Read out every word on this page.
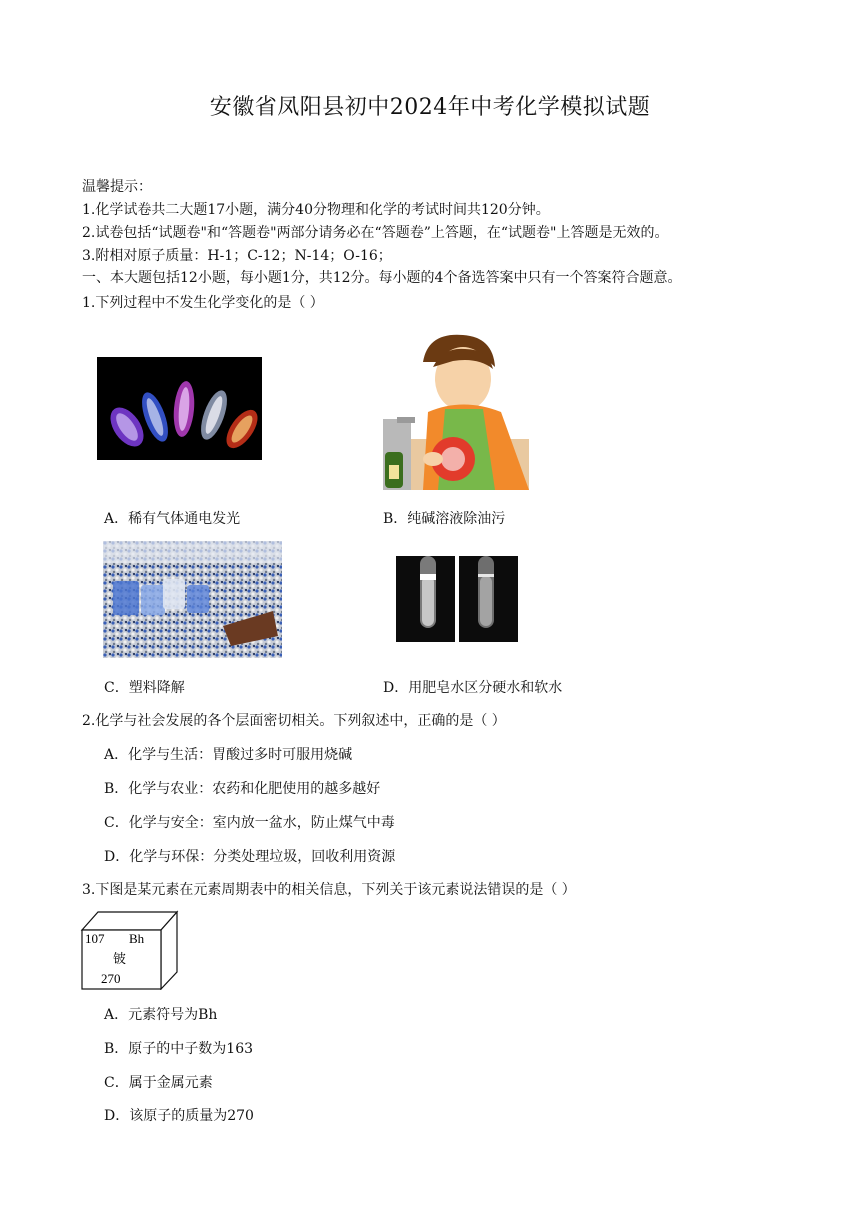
安徽省凤阳县初中2024年中考化学模拟试题
温馨提示：
1.化学试卷共二大题17小题，满分40分物理和化学的考试时间共120分钟。
2.试卷包括“试题卷"和“答题卷"两部分请务必在“答题卷”上答题，在“试题卷"上答题是无效的。
3.附相对原子质量：H-1；C-12；N-14；O-16；
一、本大题包括12小题，每小题1分，共12分。每小题的4个备选答案中只有一个答案符合题意。
1.下列过程中不发生化学变化的是（ ）
A．稀有气体通电发光	B．纯碱溶液除油污
C．塑料降解	D．用肥皂水区分硬水和软水
2.化学与社会发展的各个层面密切相关。下列叙述中，正确的是（ ）
A．化学与生活：胃酸过多时可服用烧碱
B．化学与农业：农药和化肥使用的越多越好
C．化学与安全：室内放一盆水，防止煤气中毒
D．化学与环保：分类处理垃圾，回收利用资源
3.下图是某元素在元素周期表中的相关信息，下列关于该元素说法错误的是（ ）
107 Bh
铍
270
A．元素符号为Bh
B．原子的中子数为163
C．属于金属元素
D．该原子的质量为270
